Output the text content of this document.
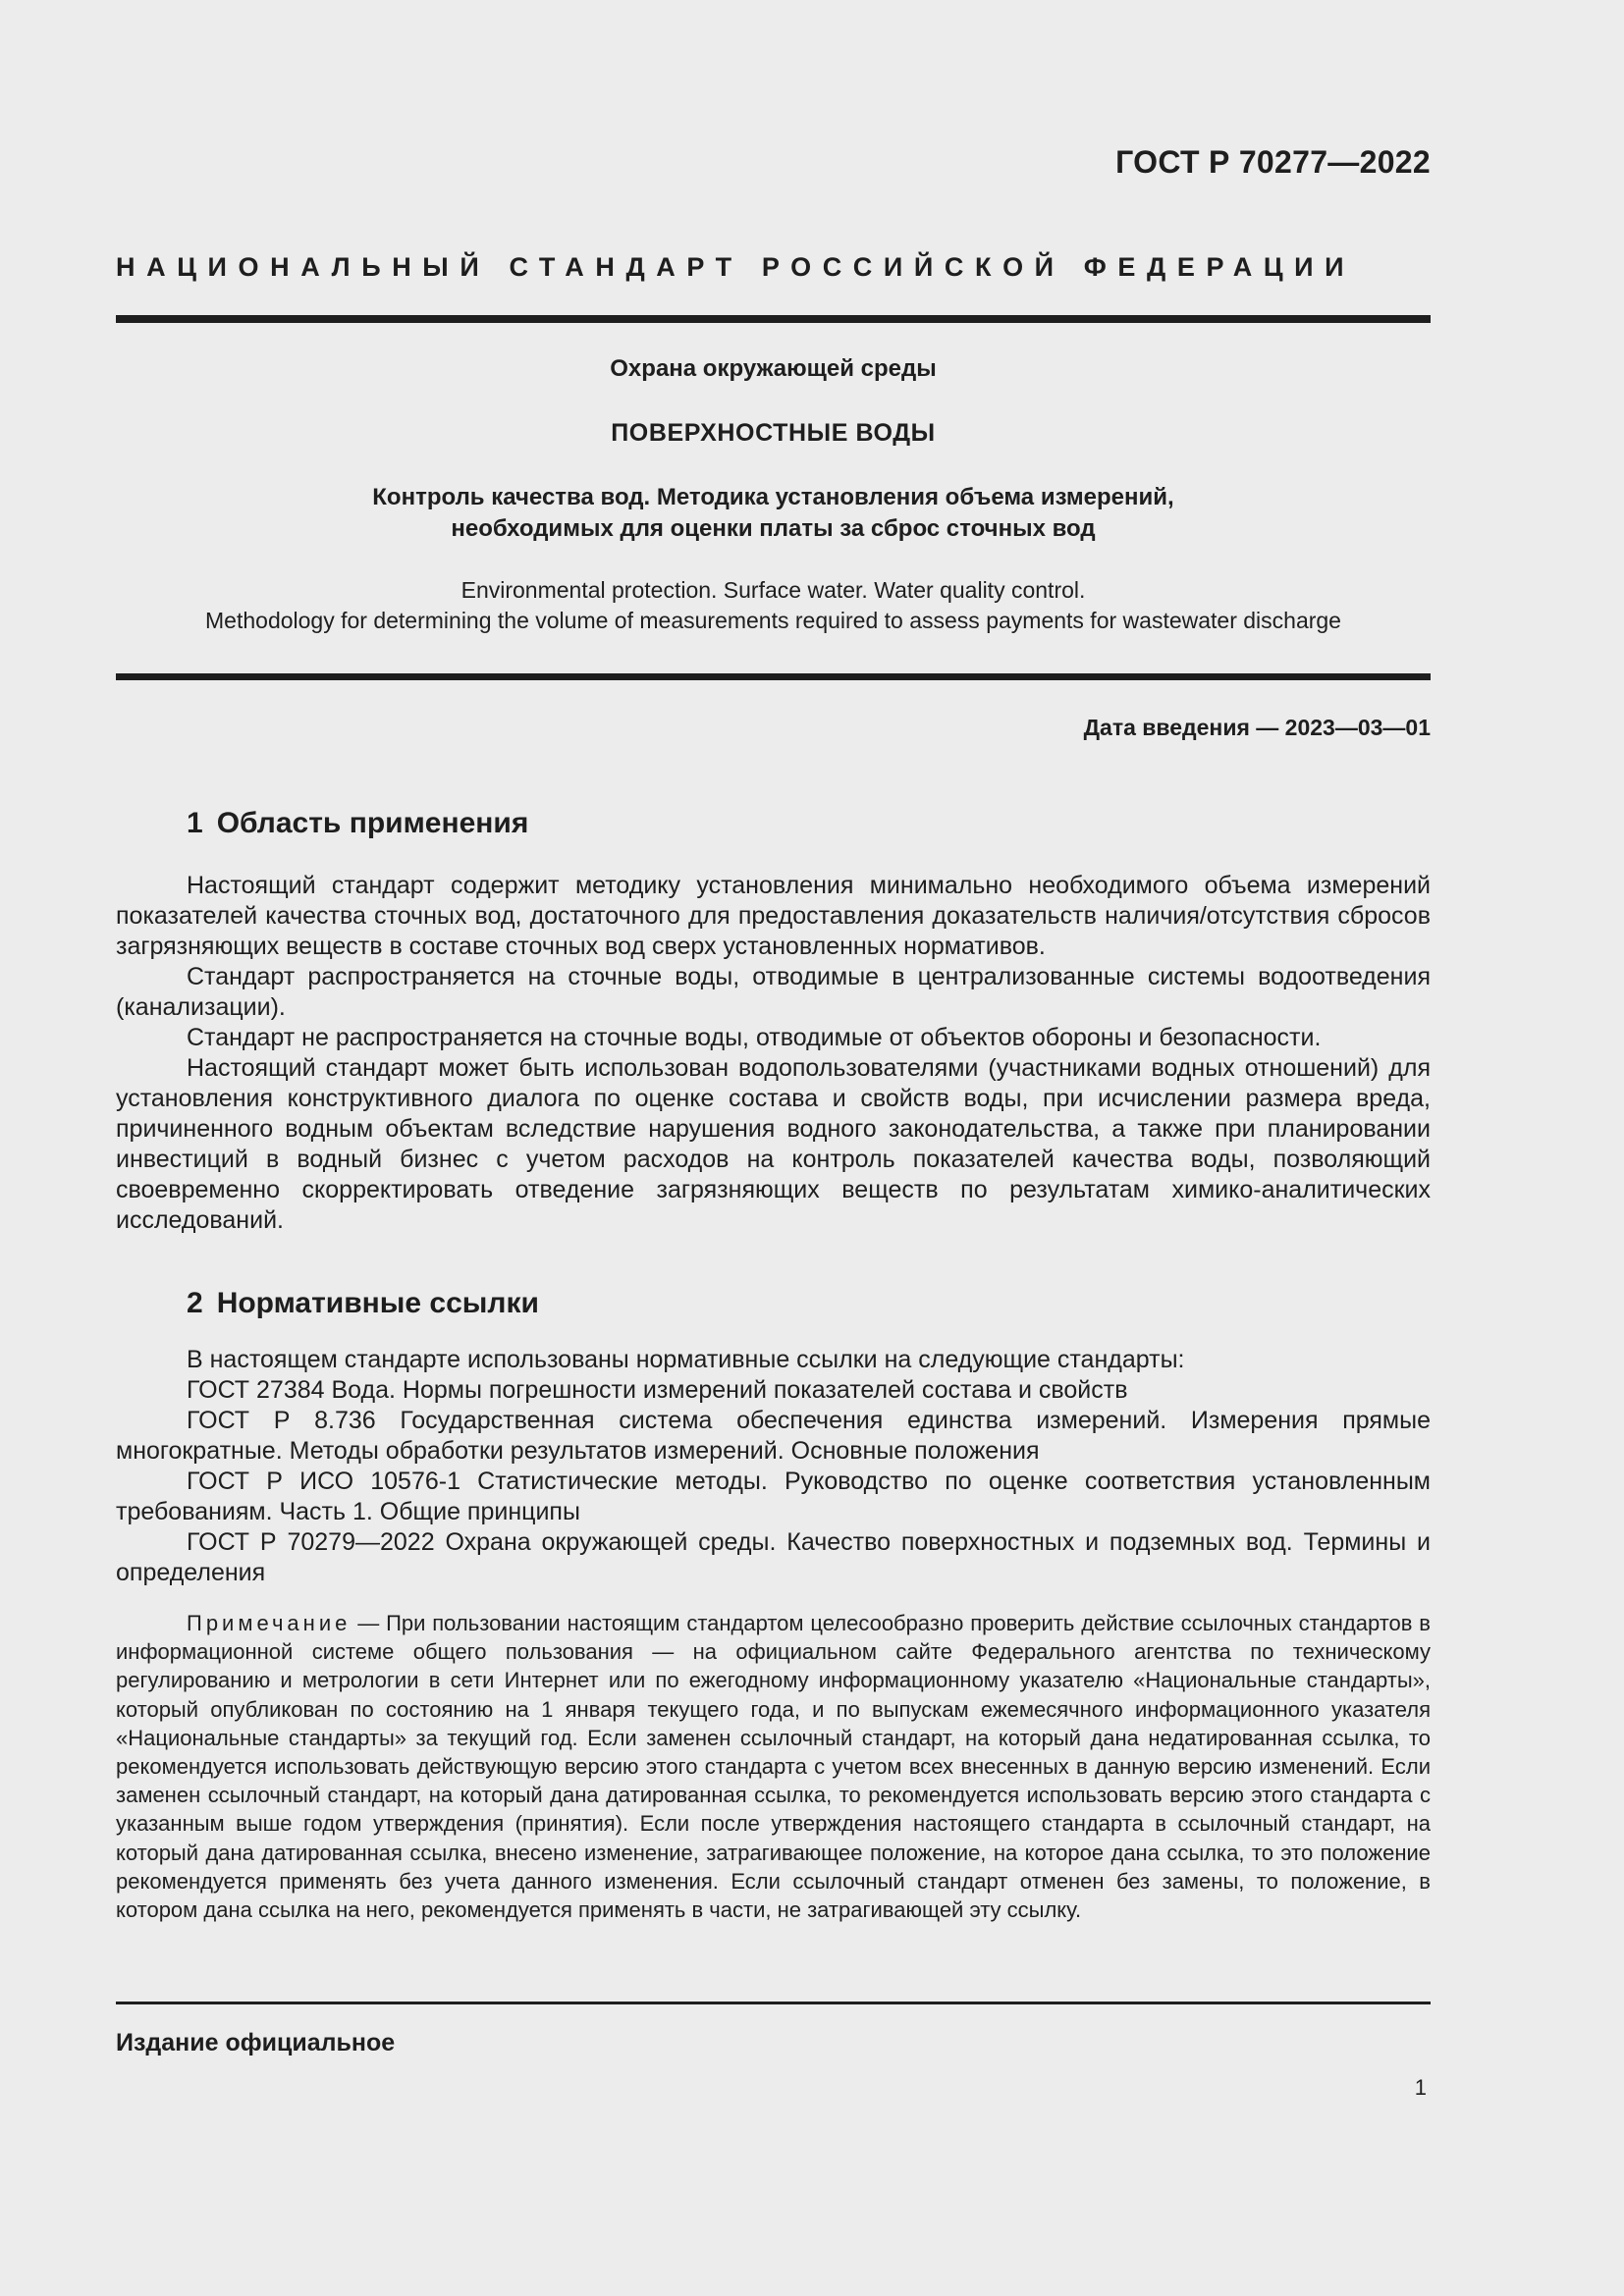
ГОСТ Р 70277—2022
НАЦИОНАЛЬНЫЙ СТАНДАРТ РОССИЙСКОЙ ФЕДЕРАЦИИ
Охрана окружающей среды
ПОВЕРХНОСТНЫЕ ВОДЫ
Контроль качества вод. Методика установления объема измерений,
необходимых для оценки платы за сброс сточных вод
Environmental protection. Surface water. Water quality control.
Methodology for determining the volume of measurements required to assess payments for wastewater discharge
Дата введения — 2023—03—01
1 Область применения

Настоящий стандарт содержит методику установления минимально необходимого объема измерений показателей качества сточных вод, достаточного для предоставления доказательств наличия/отсутствия сбросов загрязняющих веществ в составе сточных вод сверх установленных нормативов.

Стандарт распространяется на сточные воды, отводимые в централизованные системы водоотведения (канализации).

Стандарт не распространяется на сточные воды, отводимые от объектов обороны и безопасности.

Настоящий стандарт может быть использован водопользователями (участниками водных отношений) для установления конструктивного диалога по оценке состава и свойств воды, при исчислении размера вреда, причиненного водным объектам вследствие нарушения водного законодательства, а также при планировании инвестиций в водный бизнес с учетом расходов на контроль показателей качества воды, позволяющий своевременно скорректировать отведение загрязняющих веществ по результатам химико-аналитических исследований.

2 Нормативные ссылки

В настоящем стандарте использованы нормативные ссылки на следующие стандарты:

ГОСТ 27384 Вода. Нормы погрешности измерений показателей состава и свойств

ГОСТ Р 8.736 Государственная система обеспечения единства измерений. Измерения прямые многократные. Методы обработки результатов измерений. Основные положения

ГОСТ Р ИСО 10576-1 Статистические методы. Руководство по оценке соответствия установленным требованиям. Часть 1. Общие принципы

ГОСТ Р 70279—2022 Охрана окружающей среды. Качество поверхностных и подземных вод. Термины и определения

Примечание — При пользовании настоящим стандартом целесообразно проверить действие ссылочных стандартов в информационной системе общего пользования — на официальном сайте Федерального агентства по техническому регулированию и метрологии в сети Интернет или по ежегодному информационному указателю «Национальные стандарты», который опубликован по состоянию на 1 января текущего года, и по выпускам ежемесячного информационного указателя «Национальные стандарты» за текущий год. Если заменен ссылочный стандарт, на который дана недатированная ссылка, то рекомендуется использовать действующую версию этого стандарта с учетом всех внесенных в данную версию изменений. Если заменен ссылочный стандарт, на который дана датированная ссылка, то рекомендуется использовать версию этого стандарта с указанным выше годом утверждения (принятия). Если после утверждения настоящего стандарта в ссылочный стандарт, на который дана датированная ссылка, внесено изменение, затрагивающее положение, на которое дана ссылка, то это положение рекомендуется применять без учета данного изменения. Если ссылочный стандарт отменен без замены, то положение, в котором дана ссылка на него, рекомендуется применять в части, не затрагивающей эту ссылку.
Издание официальное
1
